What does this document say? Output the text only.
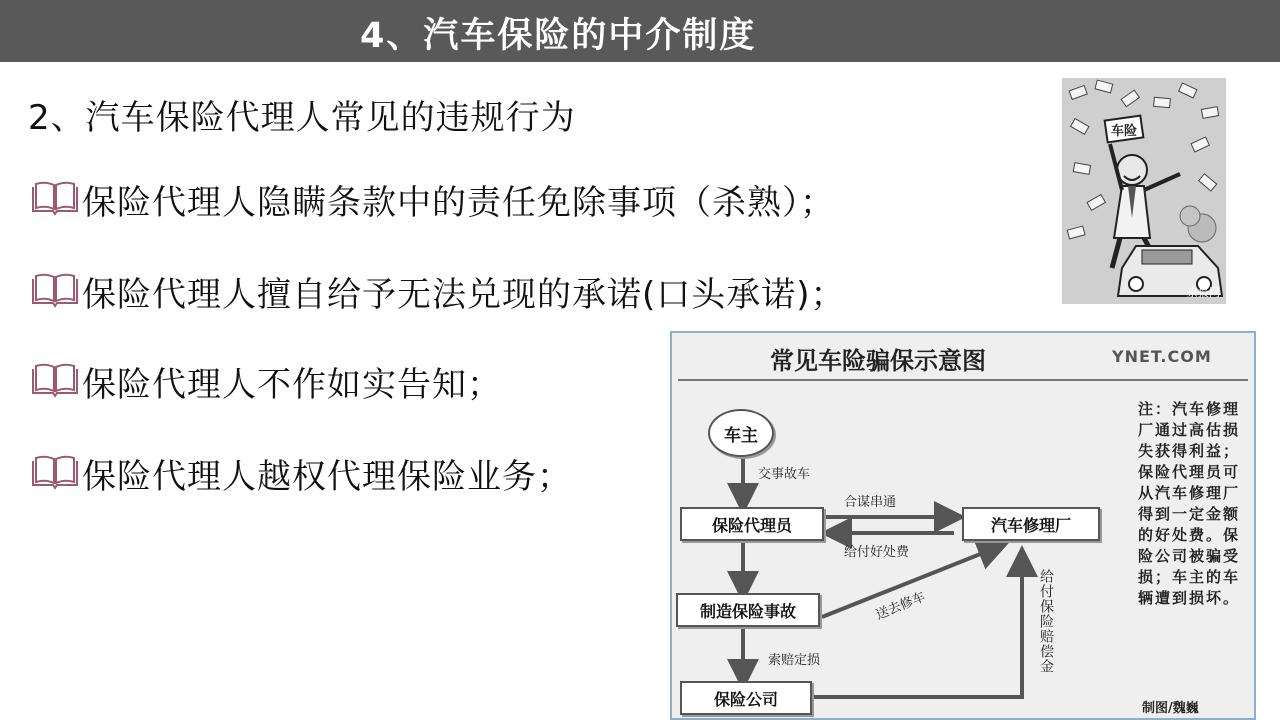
4、汽车保险的中介制度
2、汽车保险代理人常见的违规行为
保险代理人隐瞒条款中的责任免除事项（杀熟）；
保险代理人擅自给予无法兑现的承诺(口头承诺)；
保险代理人不作如实告知；
保险代理人越权代理保险业务；
车险
京报网
常见车险骗保示意图	YNET.COM
车主
保险代理员	汽车修理厂
制造保险事故
保险公司
交事故车
合谋串通
给付好处费
送去修车
索赔定损	给付保险赔偿金
注：汽车修理厂通过高估损失获得利益；保险代理员可从汽车修理厂得到一定金额的好处费。保险公司被骗受损；车主的车辆遭到损坏。
制图/魏巍
